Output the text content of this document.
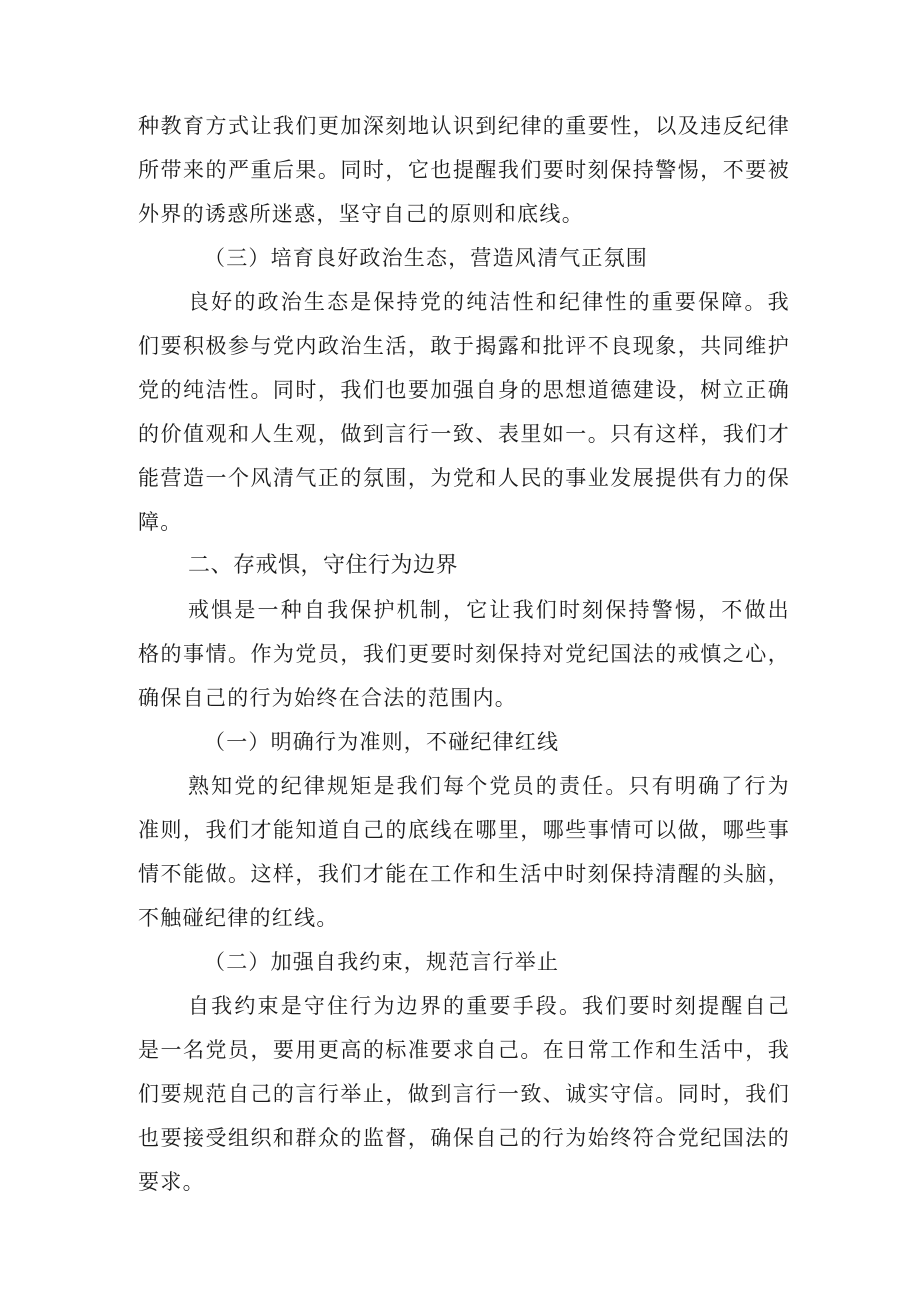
种教育方式让我们更加深刻地认识到纪律的重要性，以及违反纪律所带来的严重后果。同时，它也提醒我们要时刻保持警惕，不要被外界的诱惑所迷惑，坚守自己的原则和底线。

（三）培育良好政治生态，营造风清气正氛围

良好的政治生态是保持党的纯洁性和纪律性的重要保障。我们要积极参与党内政治生活，敢于揭露和批评不良现象，共同维护党的纯洁性。同时，我们也要加强自身的思想道德建设，树立正确的价值观和人生观，做到言行一致、表里如一。只有这样，我们才能营造一个风清气正的氛围，为党和人民的事业发展提供有力的保障。

二、存戒惧，守住行为边界

戒惧是一种自我保护机制，它让我们时刻保持警惕，不做出格的事情。作为党员，我们更要时刻保持对党纪国法的戒慎之心，确保自己的行为始终在合法的范围内。

（一）明确行为准则，不碰纪律红线

熟知党的纪律规矩是我们每个党员的责任。只有明确了行为准则，我们才能知道自己的底线在哪里，哪些事情可以做，哪些事情不能做。这样，我们才能在工作和生活中时刻保持清醒的头脑，不触碰纪律的红线。

（二）加强自我约束，规范言行举止

自我约束是守住行为边界的重要手段。我们要时刻提醒自己是一名党员，要用更高的标准要求自己。在日常工作和生活中，我们要规范自己的言行举止，做到言行一致、诚实守信。同时，我们也要接受组织和群众的监督，确保自己的行为始终符合党纪国法的要求。
